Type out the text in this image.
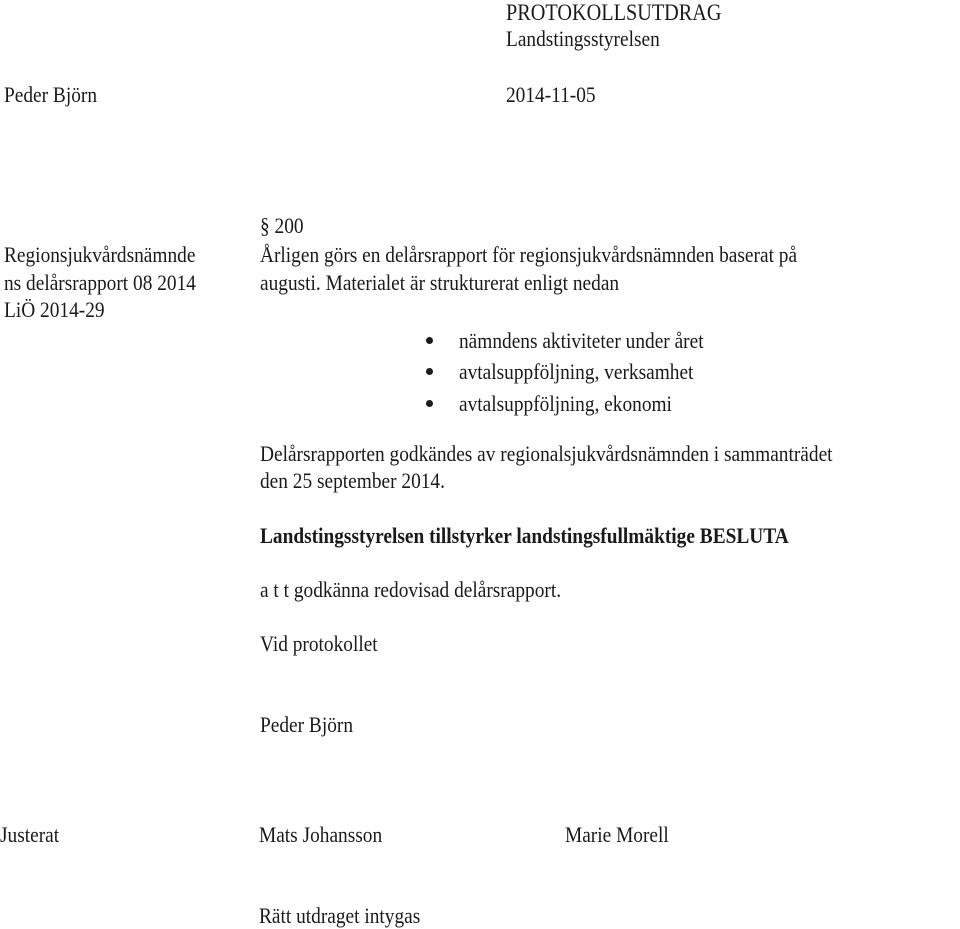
PROTOKOLLSUTDRAG
Landstingsstyrelsen
Peder Björn	2014-11-05
Regionsjukvårdsnämnde
ns delårsrapport 08 2014
LiÖ 2014-29
§ 200
Årligen görs en delårsrapport för regionsjukvårdsnämnden baserat på
augusti. Materialet är strukturerat enligt nedan
nämndens aktiviteter under året
avtalsuppföljning, verksamhet
avtalsuppföljning, ekonomi
Delårsrapporten godkändes av regionalsjukvårdsnämnden i sammanträdet
den 25 september 2014.
Landstingsstyrelsen tillstyrker landstingsfullmäktige BESLUTA
a t t godkänna redovisad delårsrapport.
Vid protokollet
Peder Björn
Justerat	Mats Johansson	Marie Morell
Rätt utdraget intygas
